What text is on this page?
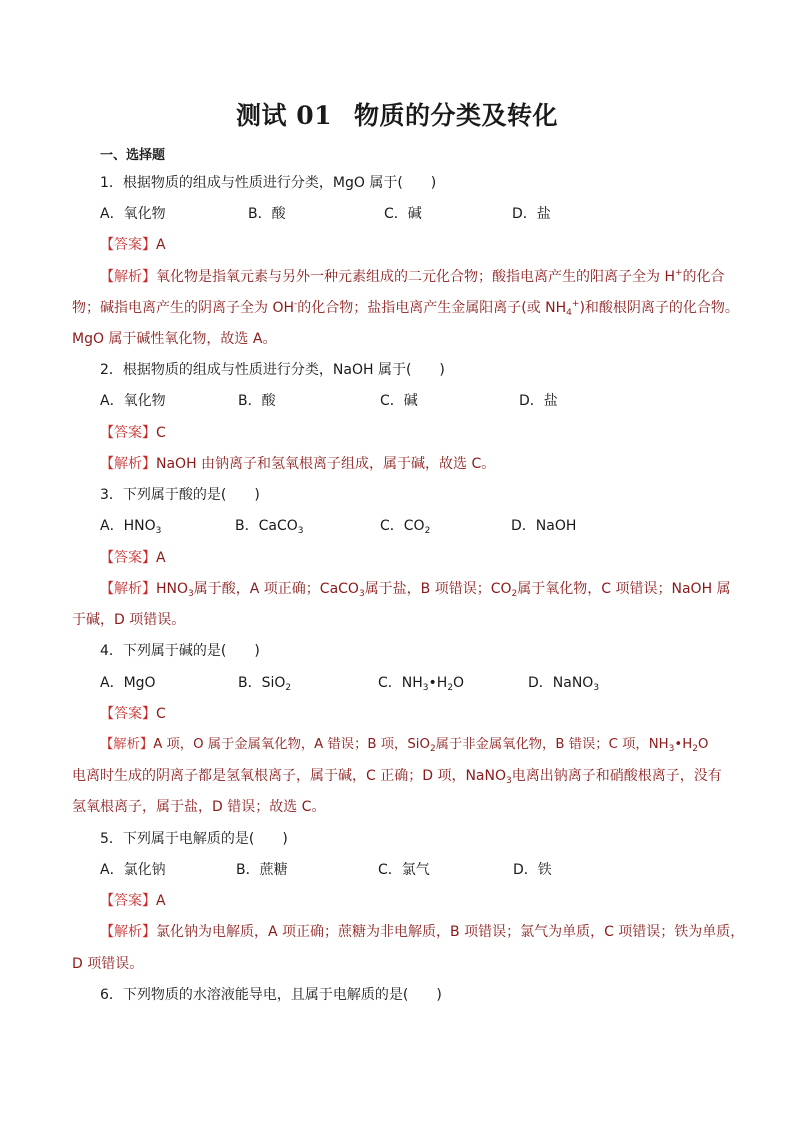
测试 01 物质的分类及转化
一、选择题
1．根据物质的组成与性质进行分类，MgO 属于(　　)
A．氧化物	B．酸	C．碱	D．盐
【答案】A
【解析】氧化物是指氧元素与另外一种元素组成的二元化合物；酸指电离产生的阳离子全为 H+的化合
物；碱指电离产生的阴离子全为 OH-的化合物；盐指电离产生金属阳离子(或 $NH_4^+$)和酸根阴离子的化合物。
MgO 属于碱性氧化物，故选 A。
2．根据物质的组成与性质进行分类，NaOH 属于(　　)
A．氧化物	B．酸	C．碱	D．盐
【答案】C
【解析】NaOH 由钠离子和氢氧根离子组成，属于碱，故选 C。
3．下列属于酸的是(　　)
A．$HNO_3$	B．CaCO$_3$	C．$CO_2$	D．NaOH
【答案】A
【解析】$HNO_3$属于酸，A 项正确；CaCO$_3$属于盐，B 项错误；$CO_2$属于氧化物，C 项错误；NaOH 属
于碱，D 项错误。
4．下列属于碱的是(　　)
A．MgO	B．SiO$_2$	C．$NH_3•H_2O$	D．NaNO$_3$
【答案】C
【解析】A 项，O 属于金属氧化物，A 错误；B 项，SiO$_2$属于非金属氧化物，B 错误；C 项，$NH_3•H_2O$
电离时生成的阴离子都是氢氧根离子，属于碱，C 正确；D 项，NaNO$_3$电离出钠离子和硝酸根离子，没有
氢氧根离子，属于盐，D 错误；故选 C。
5．下列属于电解质的是(　　)
A．氯化钠	B．蔗糖	C．氯气	D．铁
【答案】A
【解析】氯化钠为电解质，A 项正确；蔗糖为非电解质，B 项错误；氯气为单质，C 项错误；铁为单质，
D 项错误。
6．下列物质的水溶液能导电，且属于电解质的是(　　)
